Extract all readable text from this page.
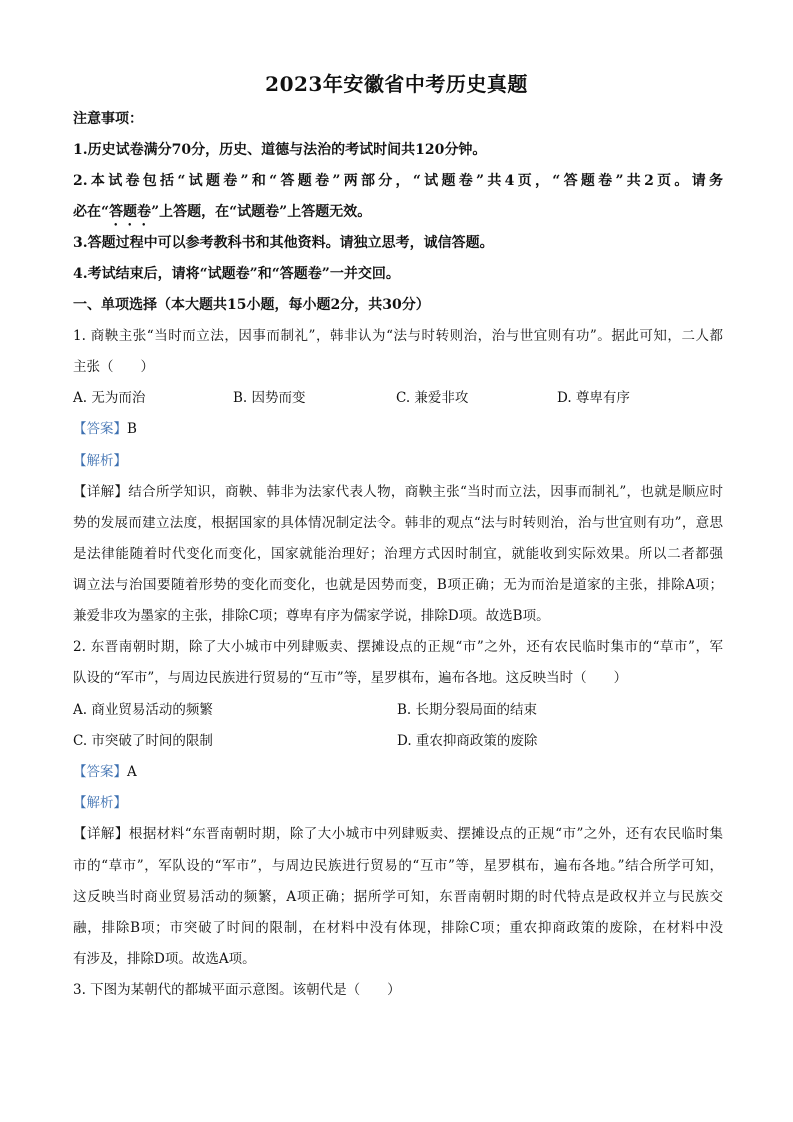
2023年安徽省中考历史真题
注意事项：
1.历史试卷满分70分，历史、道德与法治的考试时间共120分钟。
2.本试卷包括“试题卷”和“答题卷”两部分，“试题卷”共4页，“答题卷”共2页。请务
必在“答题卷”上答题，在“试题卷”上答题无效。
3.答题过程中可以参考教科书和其他资料。请独立思考，诚信答题。
4.考试结束后，请将“试题卷”和“答题卷”一并交回。
一、单项选择（本大题共15小题，每小题2分，共30分）
1. 商鞅主张“当时而立法，因事而制礼”，韩非认为“法与时转则治，治与世宜则有功”。据此可知，二人都
主张（　　）
A. 无为而治	B. 因势而变	C. 兼爱非攻	D. 尊卑有序
【答案】B
【解析】
【详解】结合所学知识，商鞅、韩非为法家代表人物，商鞅主张“当时而立法，因事而制礼”，也就是顺应时
势的发展而建立法度，根据国家的具体情况制定法令。韩非的观点“法与时转则治，治与世宜则有功”，意思
是法律能随着时代变化而变化，国家就能治理好；治理方式因时制宜，就能收到实际效果。所以二者都强
调立法与治国要随着形势的变化而变化，也就是因势而变，B项正确；无为而治是道家的主张，排除A项；
兼爱非攻为墨家的主张，排除C项；尊卑有序为儒家学说，排除D项。故选B项。
2. 东晋南朝时期，除了大小城市中列肆贩卖、摆摊设点的正规“市”之外，还有农民临时集市的“草市”，军
队设的“军市”，与周边民族进行贸易的“互市”等，星罗棋布，遍布各地。这反映当时（　　）
A. 商业贸易活动的频繁	B. 长期分裂局面的结束
C. 市突破了时间的限制	D. 重农抑商政策的废除
【答案】A
【解析】
【详解】根据材料“东晋南朝时期，除了大小城市中列肆贩卖、摆摊设点的正规“市”之外，还有农民临时集
市的“草市”，军队设的“军市”，与周边民族进行贸易的“互市”等，星罗棋布，遍布各地。”结合所学可知，
这反映当时商业贸易活动的频繁，A项正确；据所学可知，东晋南朝时期的时代特点是政权并立与民族交
融，排除B项；市突破了时间的限制，在材料中没有体现，排除C项；重农抑商政策的废除，在材料中没
有涉及，排除D项。故选A项。
3. 下图为某朝代的都城平面示意图。该朝代是（　　）
